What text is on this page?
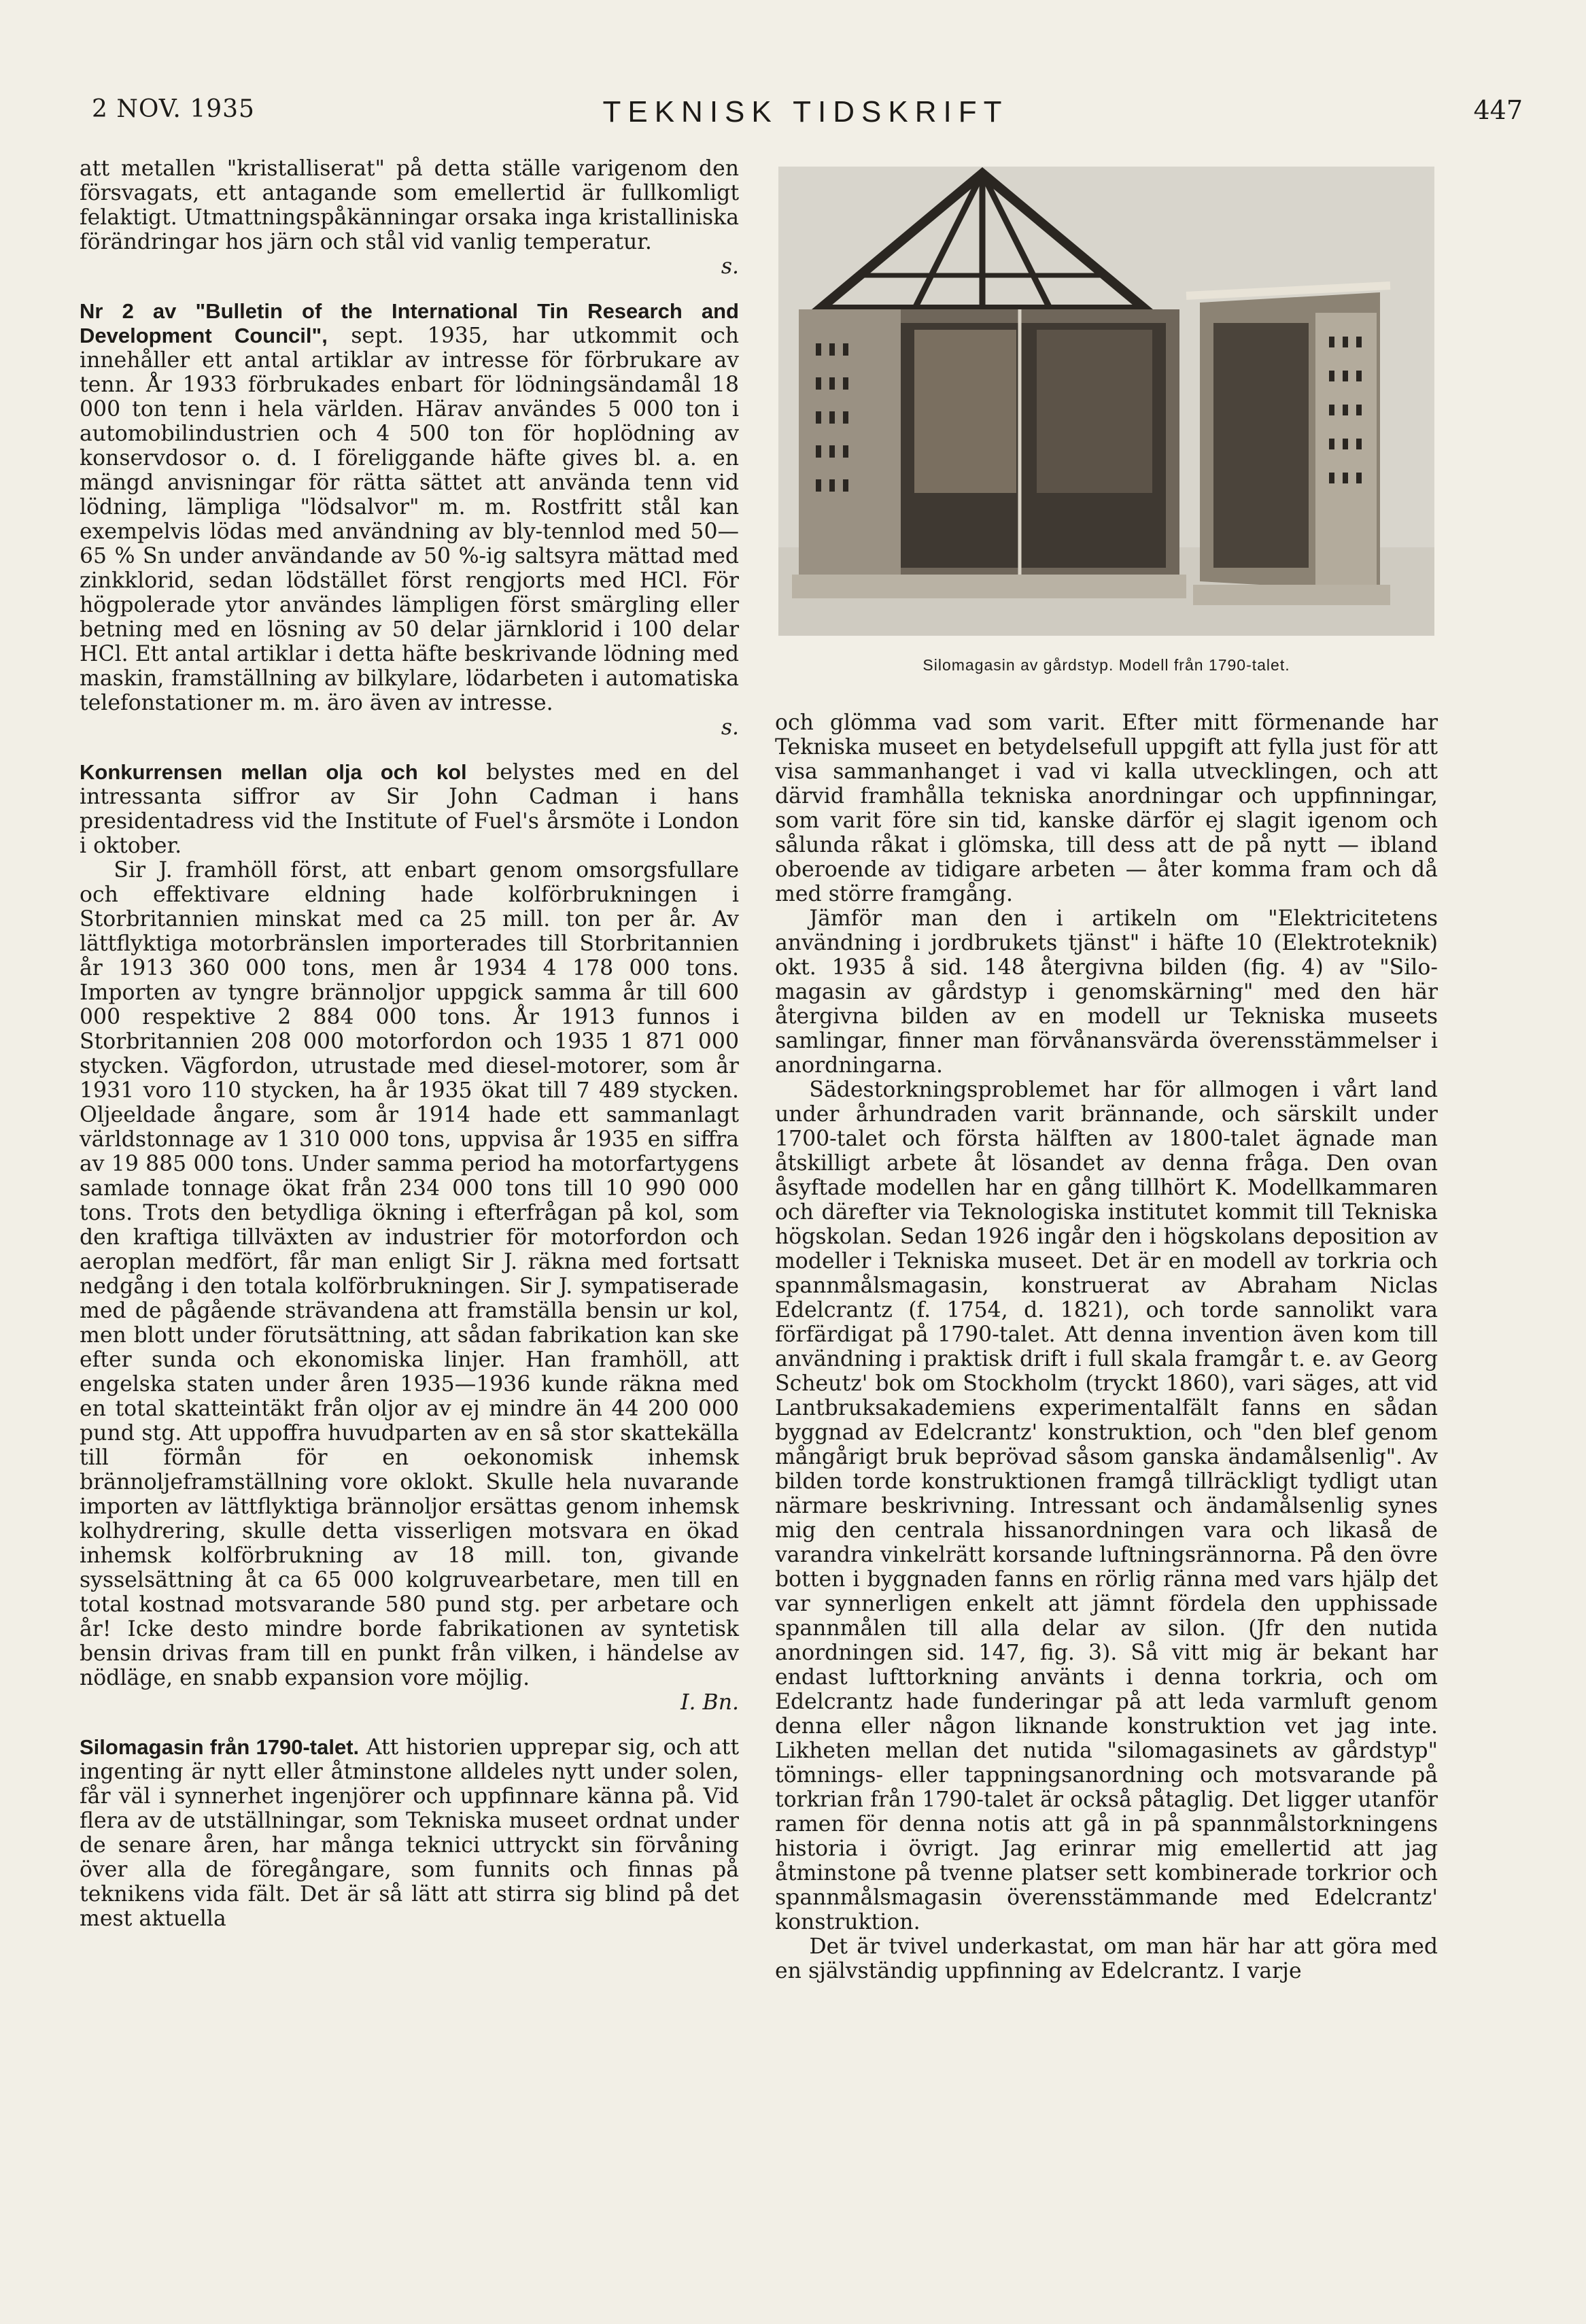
2 NOV. 1935	TEKNISK TIDSKRIFT	447

att metallen "kristalliserat" på detta ställe varigenom den försvagats, ett antagande som emellertid är fullkomligt felaktigt. Utmattningspåkänningar orsaka inga kristalliniska förändringar hos järn och stål vid vanlig temperatur.

s.

Nr 2 av "Bulletin of the International Tin Research and Development Council", sept. 1935, har utkommit och innehåller ett antal artiklar av intresse för förbrukare av tenn. År 1933 förbrukades enbart för lödningsändamål 18 000 ton tenn i hela världen. Härav användes 5 000 ton i automobilindustrien och 4 500 ton för hoplödning av konservdosor o. d. I föreliggande häfte gives bl. a. en mängd anvisningar för rätta sättet att använda tenn vid lödning, lämpliga "lödsalvor" m. m. Rostfritt stål kan exempelvis lödas med användning av bly-tennlod med 50—65 % Sn under användande av 50 %-ig saltsyra mättad med zinkklorid, sedan lödstället först rengjorts med HCl. För högpolerade ytor användes lämpligen först smärgling eller betning med en lösning av 50 delar järnklorid i 100 delar HCl. Ett antal artiklar i detta häfte beskrivande lödning med maskin, framställning av bilkylare, lödarbeten i automatiska telefonstationer m. m. äro även av intresse.

s.

Konkurrensen mellan olja och kol belystes med en del intressanta siffror av Sir John Cadman i hans presidentadress vid the Institute of Fuel's årsmöte i London i oktober.

Sir J. framhöll först, att enbart genom omsorgsfullare och effektivare eldning hade kolförbrukningen i Storbritannien minskat med ca 25 mill. ton per år. Av lättflyktiga motorbränslen importerades till Storbritannien år 1913 360 000 tons, men år 1934 4 178 000 tons. Importen av tyngre brännoljor uppgick samma år till 600 000 respektive 2 884 000 tons. År 1913 funnos i Storbritannien 208 000 motorfordon och 1935 1 871 000 stycken. Vägfordon, utrustade med diesel-motorer, som år 1931 voro 110 stycken, ha år 1935 ökat till 7 489 stycken. Oljeeldade ångare, som år 1914 hade ett sammanlagt världstonnage av 1 310 000 tons, uppvisa år 1935 en siffra av 19 885 000 tons. Under samma period ha motorfartygens samlade tonnage ökat från 234 000 tons till 10 990 000 tons. Trots den betydliga ökning i efterfrågan på kol, som den kraftiga tillväxten av industrier för motorfordon och aeroplan medfört, får man enligt Sir J. räkna med fortsatt nedgång i den totala kolförbrukningen. Sir J. sympatiserade med de pågående strävandena att framställa bensin ur kol, men blott under förutsättning, att sådan fabrikation kan ske efter sunda och ekonomiska linjer. Han framhöll, att engelska staten under åren 1935—1936 kunde räkna med en total skatteintäkt från oljor av ej mindre än 44 200 000 pund stg. Att uppoffra huvudparten av en så stor skattekälla till förmån för en oekonomisk inhemsk brännoljeframställning vore oklokt. Skulle hela nuvarande importen av lättflyktiga brännoljor ersättas genom inhemsk kolhydrering, skulle detta visserligen motsvara en ökad inhemsk kolförbrukning av 18 mill. ton, givande sysselsättning åt ca 65 000 kolgruvearbetare, men till en total kostnad motsvarande 580 pund stg. per arbetare och år! Icke desto mindre borde fabrikationen av syntetisk bensin drivas fram till en punkt från vilken, i händelse av nödläge, en snabb expansion vore möjlig.

I. Bn.

Silomagasin från 1790-talet. Att historien upprepar sig, och att ingenting är nytt eller åtminstone alldeles nytt under solen, får väl i synnerhet ingenjörer och uppfinnare känna på. Vid flera av de utställningar, som Tekniska museet ordnat under de senare åren, har många teknici uttryckt sin förvåning över alla de föregångare, som funnits och finnas på teknikens vida fält. Det är så lätt att stirra sig blind på det mest aktuella

Silomagasin av gårdstyp. Modell från 1790-talet.

och glömma vad som varit. Efter mitt förmenande har Tekniska museet en betydelsefull uppgift att fylla just för att visa sammanhanget i vad vi kalla utvecklingen, och att därvid framhålla tekniska anordningar och uppfinningar, som varit före sin tid, kanske därför ej slagit igenom och sålunda råkat i glömska, till dess att de på nytt — ibland oberoende av tidigare arbeten — åter komma fram och då med större framgång.

Jämför man den i artikeln om "Elektricitetens användning i jordbrukets tjänst" i häfte 10 (Elektroteknik) okt. 1935 å sid. 148 återgivna bilden (fig. 4) av "Silo-magasin av gårdstyp i genomskärning" med den här återgivna bilden av en modell ur Tekniska museets samlingar, finner man förvånansvärda överensstämmelser i anordningarna.

Sädestorkningsproblemet har för allmogen i vårt land under århundraden varit brännande, och särskilt under 1700-talet och första hälften av 1800-talet ägnade man åtskilligt arbete åt lösandet av denna fråga. Den ovan åsyftade modellen har en gång tillhört K. Modellkammaren och därefter via Teknologiska institutet kommit till Tekniska högskolan. Sedan 1926 ingår den i högskolans deposition av modeller i Tekniska museet. Det är en modell av torkria och spannmålsmagasin, konstruerat av Abraham Niclas Edelcrantz (f. 1754, d. 1821), och torde sannolikt vara förfärdigat på 1790-talet. Att denna invention även kom till användning i praktisk drift i full skala framgår t. e. av Georg Scheutz' bok om Stockholm (tryckt 1860), vari säges, att vid Lantbruksakademiens experimentalfält fanns en sådan byggnad av Edelcrantz' konstruktion, och "den blef genom mångårigt bruk beprövad såsom ganska ändamålsenlig". Av bilden torde konstruktionen framgå tillräckligt tydligt utan närmare beskrivning. Intressant och ändamålsenlig synes mig den centrala hissanordningen vara och likaså de varandra vinkelrätt korsande luftningsrännorna. På den övre botten i byggnaden fanns en rörlig ränna med vars hjälp det var synnerligen enkelt att jämnt fördela den upphissade spannmålen till alla delar av silon. (Jfr den nutida anordningen sid. 147, fig. 3). Så vitt mig är bekant har endast lufttorkning använts i denna torkria, och om Edelcrantz hade funderingar på att leda varmluft genom denna eller någon liknande konstruktion vet jag inte. Likheten mellan det nutida "silomagasinets av gårdstyp" tömnings- eller tappningsanordning och motsvarande på torkrian från 1790-talet är också påtaglig. Det ligger utanför ramen för denna notis att gå in på spannmålstorkningens historia i övrigt. Jag erinrar mig emellertid att jag åtminstone på tvenne platser sett kombinerade torkrior och spannmålsmagasin överensstämmande med Edelcrantz' konstruktion.

Det är tvivel underkastat, om man här har att göra med en självständig uppfinning av Edelcrantz. I varje
